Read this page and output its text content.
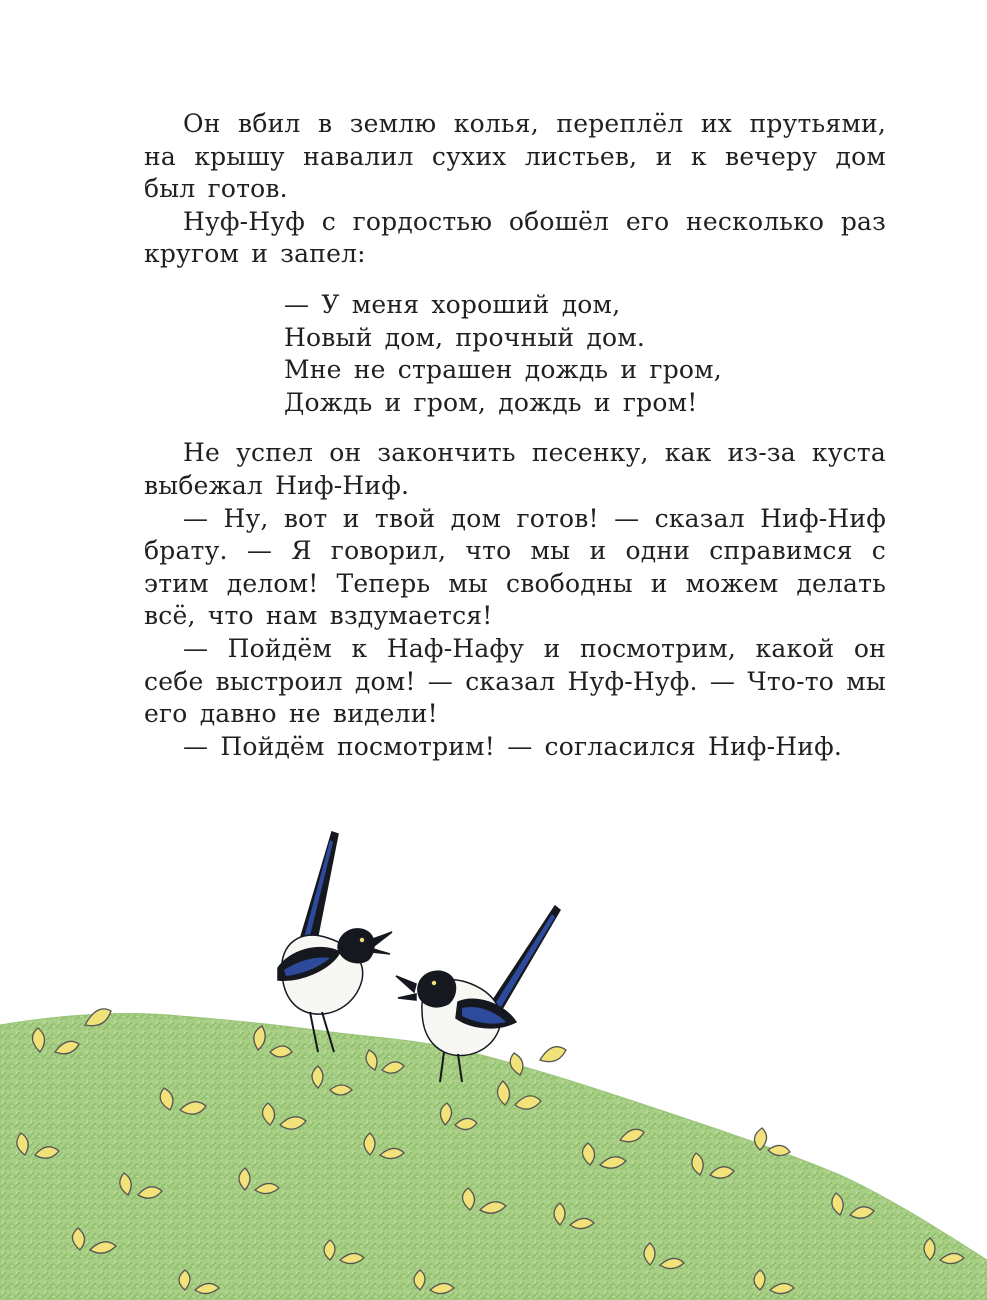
Он вбил в землю колья, переплёл их прутьями, на крышу навалил сухих листьев, и к вечеру дом был готов.

Нуф-Нуф с гордостью обошёл его несколько раз кругом и запел:

— У меня хороший дом,
Новый дом, прочный дом.
Мне не страшен дождь и гром,
Дождь и гром, дождь и гром!

Не успел он закончить песенку, как из-за куста выбежал Ниф-Ниф.

— Ну, вот и твой дом готов! — сказал Ниф-Ниф брату. — Я говорил, что мы и одни справимся с этим делом! Теперь мы свободны и можем делать всё, что нам вздумается!

— Пойдём к Наф-Нафу и посмотрим, какой он себе выстроил дом! — сказал Нуф-Нуф. — Что-то мы его давно не видели!

— Пойдём посмотрим! — согласился Ниф-Ниф.
